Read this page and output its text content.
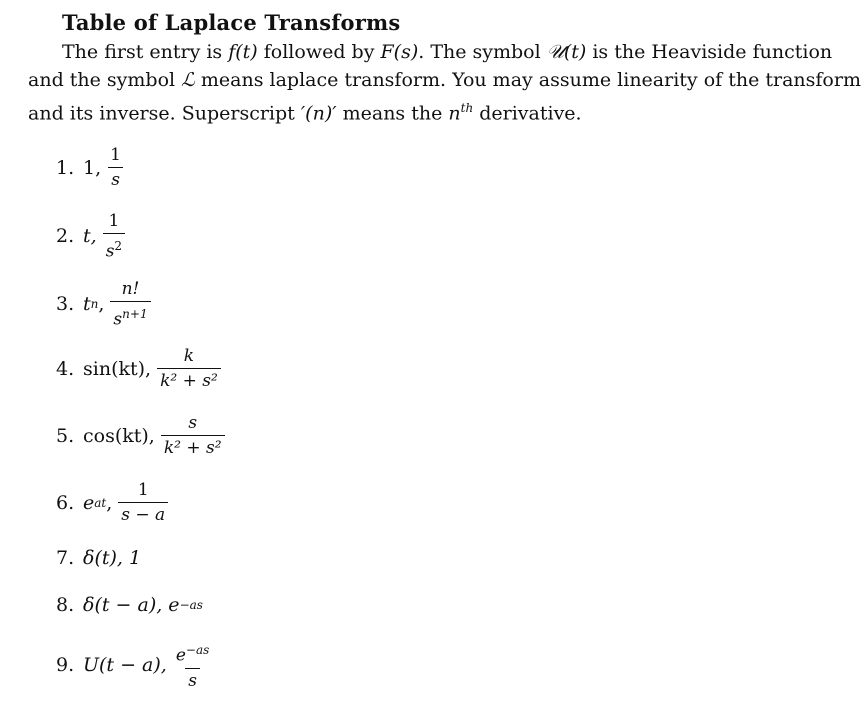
Table of Laplace Transforms
The first entry is f(t) followed by F(s). The symbol 𝒰(t) is the Heaviside function
and the symbol ℒ means laplace transform. You may assume linearity of the transform
and its inverse. Superscript ′(n)′ means the $n^{th}$ derivative.
1. 1, $\frac{1}{s}$
2. t, $\frac{1}{s^2}$
3. t n , $\frac{n!}{s^{n+1}}$
4. sin(kt), $\frac{k}{\text{k² + s²}}$
5. cos(kt), $\frac{s}{\text{k² + s²}}$
6. e at , $\frac{1}{s - a}$
7. δ(t), 1
8. δ(t − a), e −as
9. U(t − a), $\frac{e^{-as}}{s}$
